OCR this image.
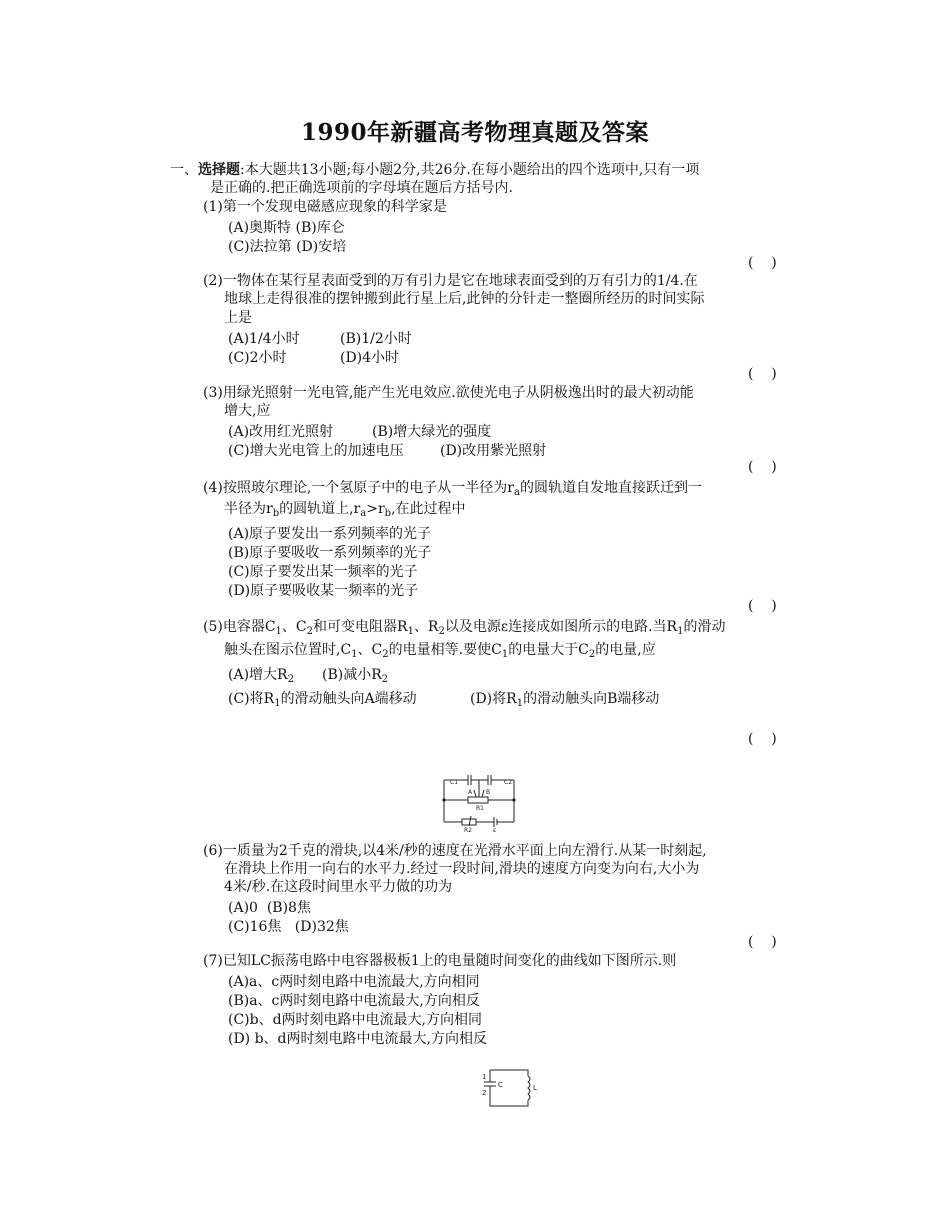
1990年新疆高考物理真题及答案
一、选择题:本大题共13小题;每小题2分,共26分.在每小题给出的四个选项中,只有一项
是正确的.把正确选项前的字母填在题后方括号内.
(1)第一个发现电磁感应现象的科学家是
(A)奥斯特 (B)库仑
(C)法拉第 (D)安培
(    )
(2)一物体在某行星表面受到的万有引力是它在地球表面受到的万有引力的1/4.在
地球上走得很准的摆钟搬到此行星上后,此钟的分针走一整圈所经历的时间实际
上是
(A)1/4小时	(B)1/2小时
(C)2小时	(D)4小时
(    )
(3)用绿光照射一光电管,能产生光电效应.欲使光电子从阴极逸出时的最大初动能
增大,应
(A)改用红光照射	(B)增大绿光的强度
(C)增大光电管上的加速电压	(D)改用紫光照射
(    )
(4)按照玻尔理论,一个氢原子中的电子从一半径为$r_a$的圆轨道自发地直接跃迁到一
半径为$r_b$的圆轨道上$,r_a>r_b$,在此过程中
(A)原子要发出一系列频率的光子
(B)原子要吸收一系列频率的光子
(C)原子要发出某一频率的光子
(D)原子要吸收某一频率的光子
(    )
(5)电容器$C_1$、$C_2$和可变电阻器$R_1$、$R_2$以及电源ε连接成如图所示的电路.当$R_1$的滑动
触头在图示位置时$,C_1$、$C_2$的电量相等.要使$C_1$的电量大于$C_2$的电量,应
(A)增大$R_2$ (B)减小$R_2$
(C)将$R_1$的滑动触头向A端移动	(D)将$R_1$的滑动触头向B端移动
(    )
C1	C2
A B
R1
R2	ε
(6)一质量为2千克的滑块,以4米/秒的速度在光滑水平面上向左滑行.从某一时刻起,
在滑块上作用一向右的水平力.经过一段时间,滑块的速度方向变为向右,大小为
4米/秒.在这段时间里水平力做的功为
(A)0  (B)8焦
(C)16焦   (D)32焦
(    )
(7)已知LC振荡电路中电容器极板1上的电量随时间变化的曲线如下图所示.则
(A)a、c两时刻电路中电流最大,方向相同
(B)a、c两时刻电路中电流最大,方向相反
(C)b、d两时刻电路中电流最大,方向相同
(D) b、d两时刻电路中电流最大,方向相反
1
2
C	L
